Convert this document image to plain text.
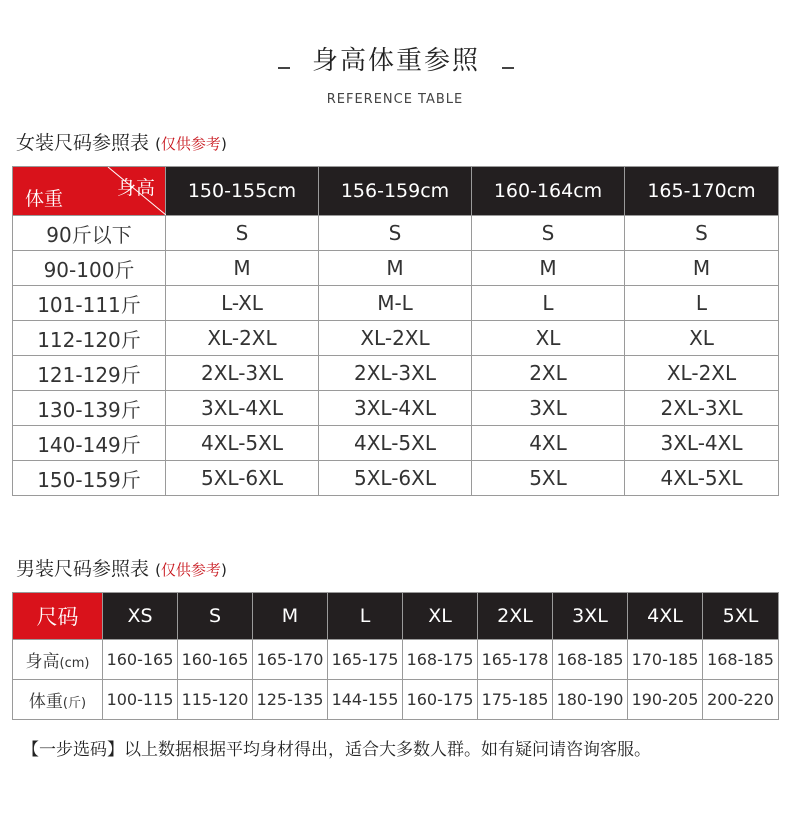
身高体重参照
REFERENCE TABLE
女装尺码参照表 (仅供参考)
体重 身高	150-155cm	156-159cm	160-164cm	165-170cm
90斤以下	S	S	S	S
90-100斤	M	M	M	M
101-111斤	L-XL	M-L	L	L
112-120斤	XL-2XL	XL-2XL	XL	XL
121-129斤	2XL-3XL	2XL-3XL	2XL	XL-2XL
130-139斤	3XL-4XL	3XL-4XL	3XL	2XL-3XL
140-149斤	4XL-5XL	4XL-5XL	4XL	3XL-4XL
150-159斤	5XL-6XL	5XL-6XL	5XL	4XL-5XL
男装尺码参照表 (仅供参考)
尺码	XS	S	M	L	XL	2XL	3XL	4XL	5XL
身高(cm)	160-165	160-165	165-170	165-175	168-175	165-178	168-185	170-185	168-185
体重(斤)	100-115	115-120	125-135	144-155	160-175	175-185	180-190	190-205	200-220
【一步选码】以上数据根据平均身材得出，适合大多数人群。如有疑问请咨询客服。
